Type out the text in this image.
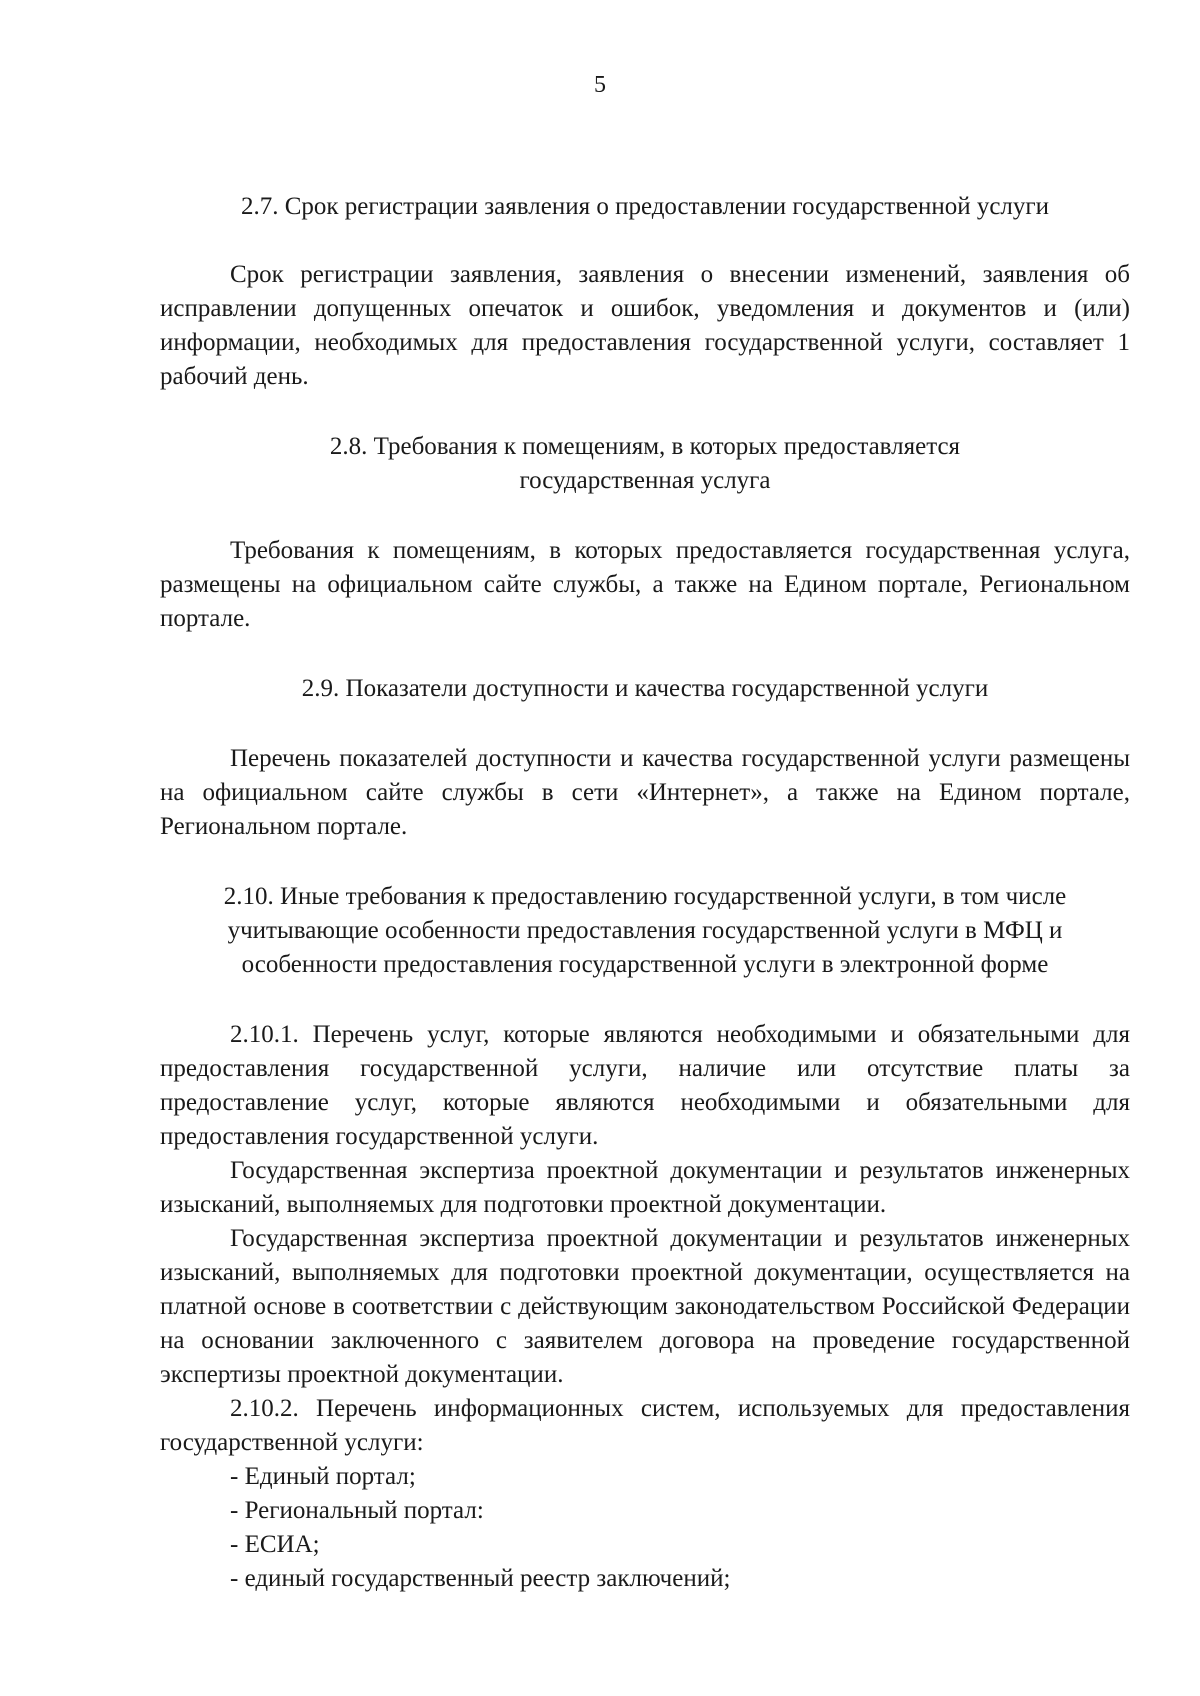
5
2.7. Срок регистрации заявления о предоставлении государственной услуги

Срок регистрации заявления, заявления о внесении изменений, заявления об исправлении допущенных опечаток и ошибок, уведомления и документов и (или) информации, необходимых для предоставления государственной услуги, составляет 1 рабочий день.

2.8. Требования к помещениям, в которых предоставляется государственная услуга

Требования к помещениям, в которых предоставляется государственная услуга, размещены на официальном сайте службы, а также на Едином портале, Региональном портале.

2.9. Показатели доступности и качества государственной услуги

Перечень показателей доступности и качества государственной услуги размещены на официальном сайте службы в сети «Интернет», а также на Едином портале, Региональном портале.

2.10. Иные требования к предоставлению государственной услуги, в том числе учитывающие особенности предоставления государственной услуги в МФЦ и особенности предоставления государственной услуги в электронной форме

2.10.1. Перечень услуг, которые являются необходимыми и обязательными для предоставления государственной услуги, наличие или отсутствие платы за предоставление услуг, которые являются необходимыми и обязательными для предоставления государственной услуги.

Государственная экспертиза проектной документации и результатов инженерных изысканий, выполняемых для подготовки проектной документации.

Государственная экспертиза проектной документации и результатов инженерных изысканий, выполняемых для подготовки проектной документации, осуществляется на платной основе в соответствии с действующим законодательством Российской Федерации на основании заключенного с заявителем договора на проведение государственной экспертизы проектной документации.

2.10.2. Перечень информационных систем, используемых для предоставления государственной услуги:

- Единый портал;
- Региональный портал:
- ЕСИА;
- единый государственный реестр заключений;
